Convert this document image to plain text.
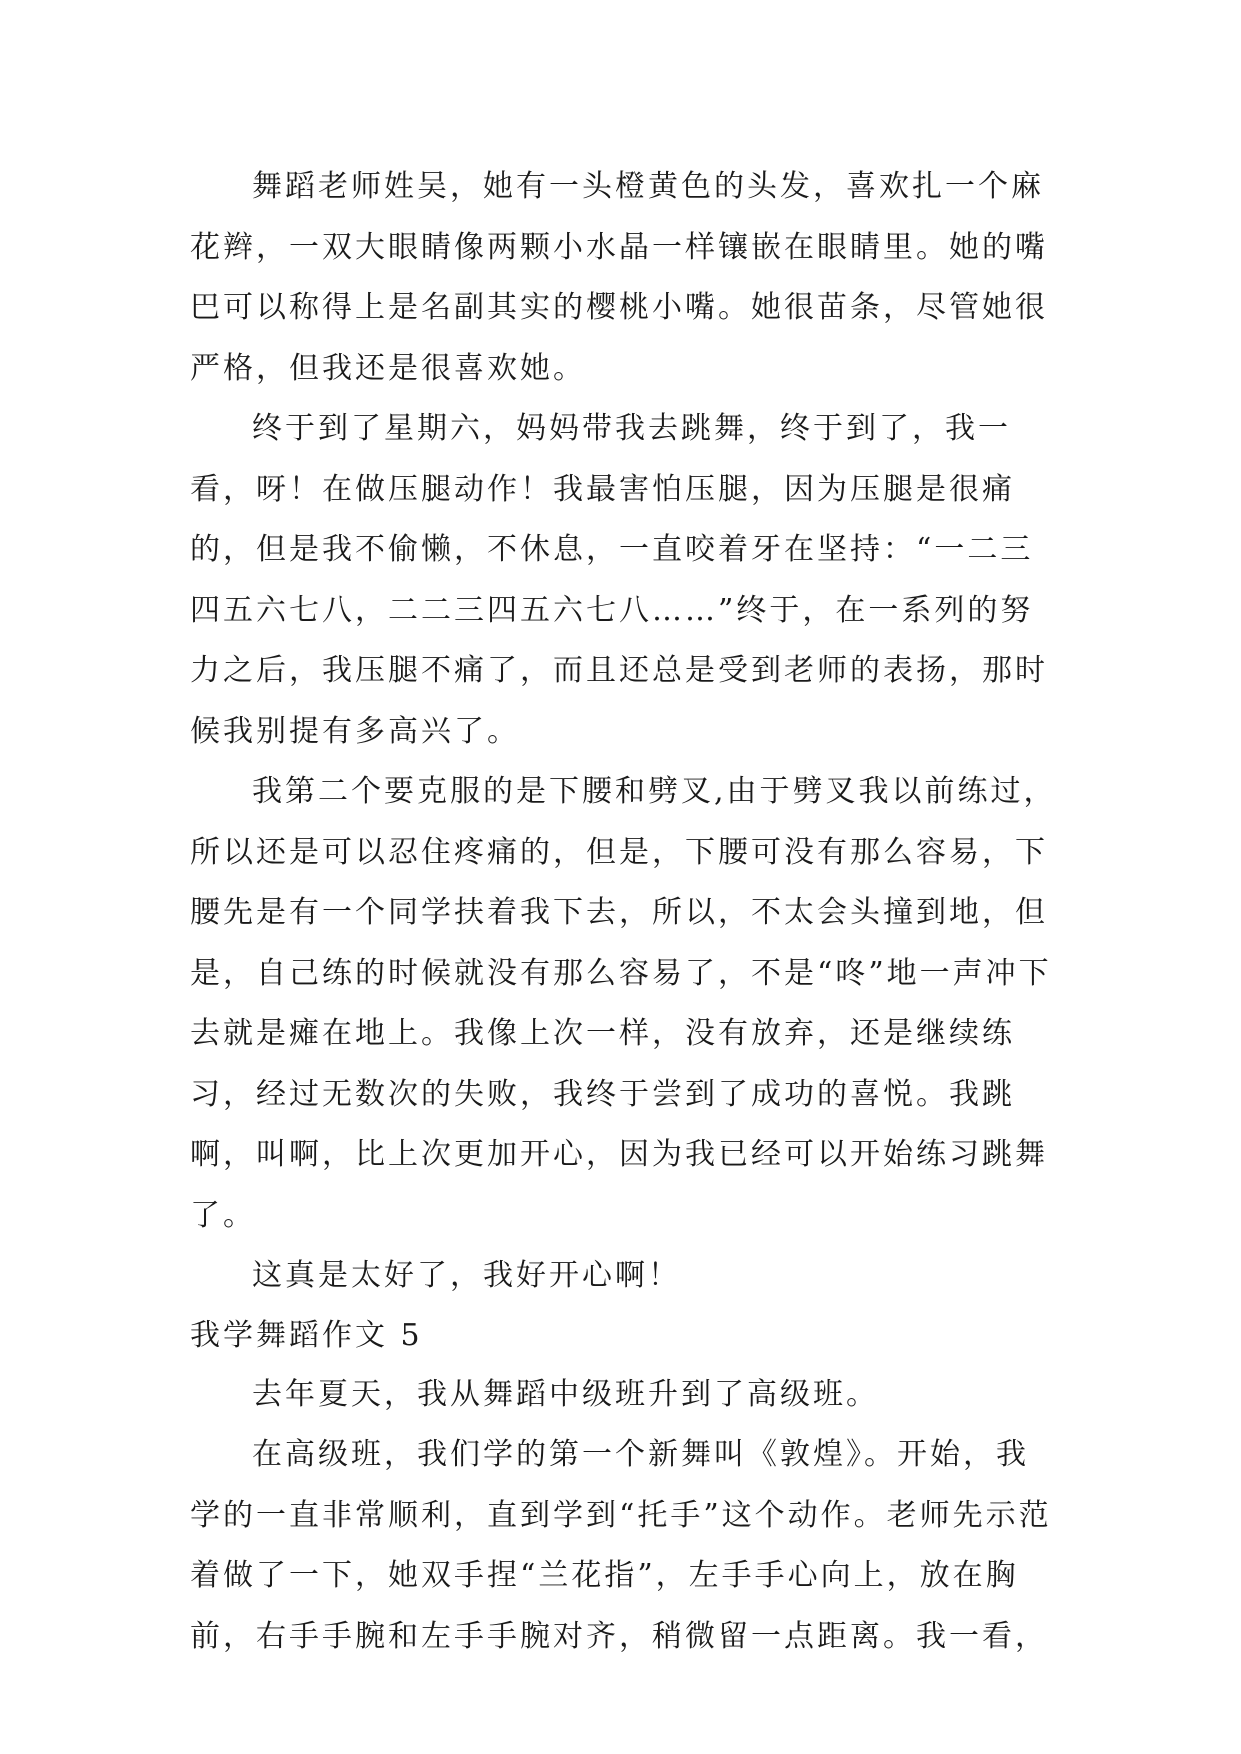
舞蹈老师姓吴，她有一头橙黄色的头发，喜欢扎一个麻花辫，一双大眼睛像两颗小水晶一样镶嵌在眼睛里。她的嘴巴可以称得上是名副其实的樱桃小嘴。她很苗条，尽管她很严格，但我还是很喜欢她。

终于到了星期六，妈妈带我去跳舞，终于到了，我一看，呀！在做压腿动作！我最害怕压腿，因为压腿是很痛的，但是我不偷懒，不休息，一直咬着牙在坚持：“一二三四五六七八，二二三四五六七八……”终于，在一系列的努力之后，我压腿不痛了，而且还总是受到老师的表扬，那时候我别提有多高兴了。

我第二个要克服的是下腰和劈叉,由于劈叉我以前练过，所以还是可以忍住疼痛的，但是，下腰可没有那么容易，下腰先是有一个同学扶着我下去，所以，不太会头撞到地，但是，自己练的时候就没有那么容易了，不是“咚”地一声冲下去就是瘫在地上。我像上次一样，没有放弃，还是继续练习，经过无数次的失败，我终于尝到了成功的喜悦。我跳啊，叫啊，比上次更加开心，因为我已经可以开始练习跳舞了。

这真是太好了，我好开心啊！

我学舞蹈作文 5

去年夏天，我从舞蹈中级班升到了高级班。

在高级班，我们学的第一个新舞叫《敦煌》。开始，我学的一直非常顺利，直到学到“托手”这个动作。老师先示范着做了一下，她双手捏“兰花指”，左手手心向上，放在胸前，右手手腕和左手手腕对齐，稍微留一点距离。我一看，
